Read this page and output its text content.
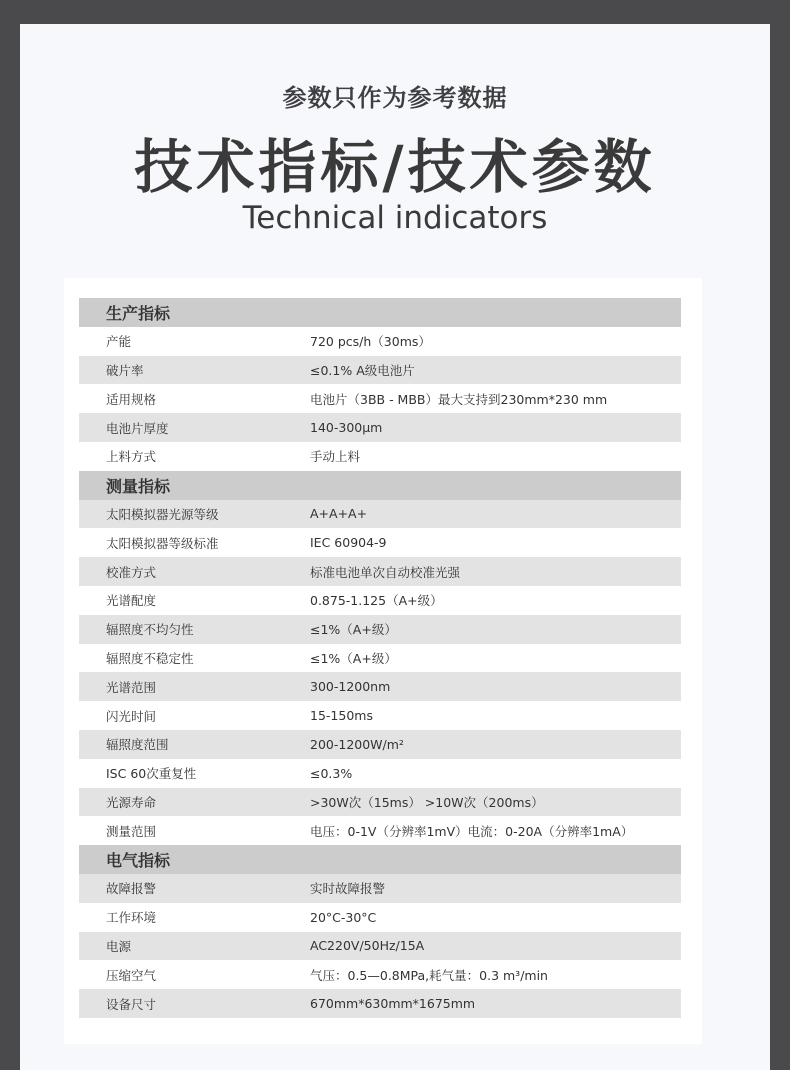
参数只作为参考数据
技术指标/技术参数
Technical indicators
生产指标
产能	720 pcs/h（30ms）
破片率	≤0.1% A级电池片
适用规格	电池片（3BB - MBB）最大支持到230mm*230 mm
电池片厚度	140-300μm
上料方式	手动上料
测量指标
太阳模拟器光源等级	A+A+A+
太阳模拟器等级标准	IEC 60904-9
校准方式	标准电池单次自动校准光强
光谱配度	0.875-1.125（A+级）
辐照度不均匀性	≤1%（A+级）
辐照度不稳定性	≤1%（A+级）
光谱范围	300-1200nm
闪光时间	15-150ms
辐照度范围	200-1200W/m²
ISC 60次重复性	≤0.3%
光源寿命	>30W次（15ms） >10W次（200ms）
测量范围	电压：0-1V（分辨率1mV）电流：0-20A（分辨率1mA）
电气指标
故障报警	实时故障报警
工作环境	20°C-30°C
电源	AC220V/50Hz/15A
压缩空气	气压：0.5—0.8MPa,耗气量：0.3 m³/min
设备尺寸	670mm*630mm*1675mm
